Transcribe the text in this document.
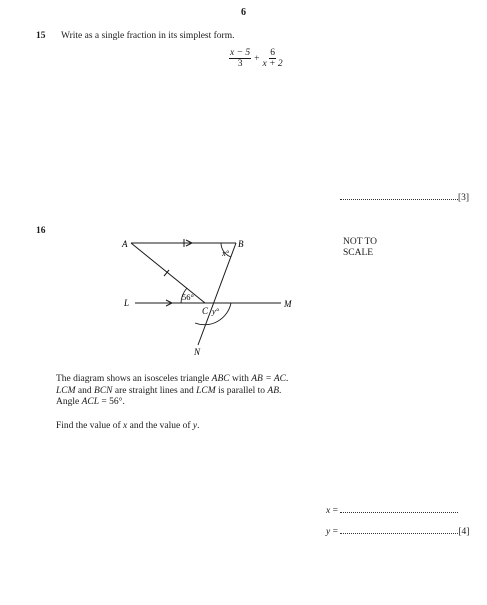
6
15 Write as a single fraction in its simplest form.
$\frac{x - 5}{3} + \frac{6}{x + 2}$
[3]
16
A	B
C
L	M
N
56°
x°
y°
NOT TO
SCALE
The diagram shows an isosceles triangle ABC with AB = AC.
LCM and BCN are straight lines and LCM is parallel to AB.
Angle ACL = 56°.
Find the value of x and the value of y.
x =
y =	[4]
